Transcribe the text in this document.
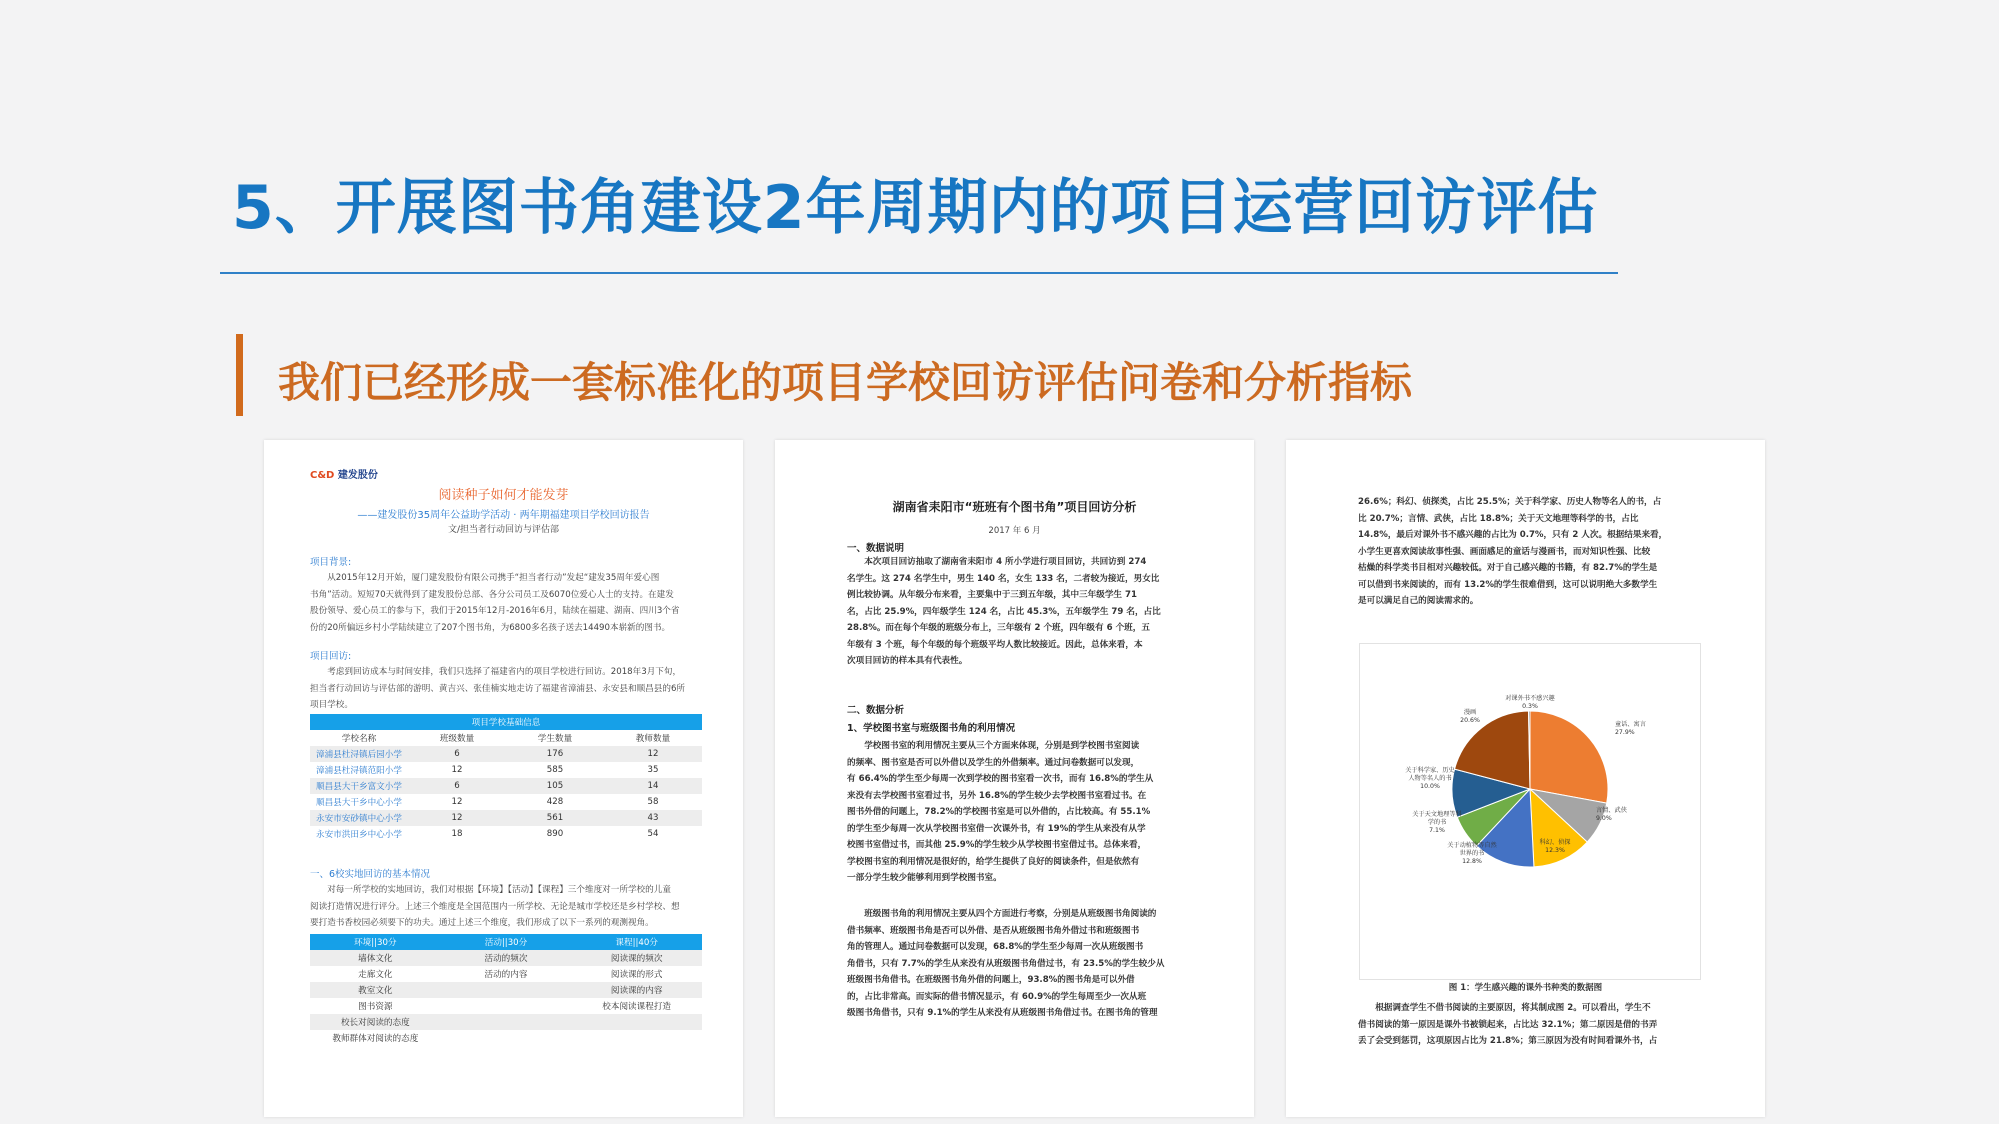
5、开展图书角建设2年周期内的项目运营回访评估
我们已经形成一套标准化的项目学校回访评估问卷和分析指标
C&D 建发股份
阅读种子如何才能发芽
——建发股份35周年公益助学活动 · 两年期福建项目学校回访报告
文/担当者行动回访与评估部
项目背景:
从2015年12月开始，厦门建发股份有限公司携手“担当者行动”发起“建发35周年爱心图
书角”活动。短短70天就得到了建发股份总部、各分公司员工及6070位爱心人士的支持。在建发
股份领导、爱心员工的参与下，我们于2015年12月-2016年6月，陆续在福建、湖南、四川3个省
份的20所偏远乡村小学陆续建立了207个图书角，为6800多名孩子送去14490本崭新的图书。
项目回访:
考虑到回访成本与时间安排，我们只选择了福建省内的项目学校进行回访。2018年3月下旬，
担当者行动回访与评估部的游明、黄吉兴、张佳楠实地走访了福建省漳浦县、永安县和顺昌县的6所
项目学校。
项目学校基础信息			
学校名称	班级数量	学生数量	教师数量
漳浦县杜浔镇后园小学	6	176	12
漳浦县杜浔镇范阳小学	12	585	35
顺昌县大干乡富文小学	6	105	14
顺昌县大干乡中心小学	12	428	58
永安市安砂镇中心小学	12	561	43
永安市洪田乡中心小学	18	890	54
一、6校实地回访的基本情况
对每一所学校的实地回访，我们对根据【环境】【活动】【课程】三个维度对一所学校的儿童
阅读打造情况进行评分。上述三个维度是全国范围内一所学校、无论是城市学校还是乡村学校、想
要打造书香校园必须要下的功夫。通过上述三个维度，我们形成了以下一系列的观测视角。
环境||30分	活动||30分	课程||40分
墙体文化	活动的频次	阅读课的频次
走廊文化	活动的内容	阅读课的形式
教室文化		阅读课的内容
图书资源		校本阅读课程打造
校长对阅读的态度		
教师群体对阅读的态度		
湖南省耒阳市“班班有个图书角”项目回访分析
2017 年 6 月
一、数据说明
本次项目回访抽取了湖南省耒阳市 4 所小学进行项目回访，共回访到 274
名学生。这 274 名学生中，男生 140 名，女生 133 名，二者较为接近，男女比
例比较协调。从年级分布来看，主要集中于三到五年级，其中三年级学生 71
名，占比 25.9%，四年级学生 124 名，占比 45.3%，五年级学生 79 名，占比
28.8%。而在每个年级的班级分布上，三年级有 2 个班，四年级有 6 个班，五
年级有 3 个班，每个年级的每个班级平均人数比较接近。因此，总体来看，本
次项目回访的样本具有代表性。
二、数据分析
1、学校图书室与班级图书角的利用情况
学校图书室的利用情况主要从三个方面来体现，分别是到学校图书室阅读
的频率、图书室是否可以外借以及学生的外借频率。通过问卷数据可以发现，
有 66.4%的学生至少每周一次到学校的图书室看一次书，而有 16.8%的学生从
来没有去学校图书室看过书，另外 16.8%的学生较少去学校图书室看过书。在
图书外借的问题上，78.2%的学校图书室是可以外借的，占比较高。有 55.1%
的学生至少每周一次从学校图书室借一次课外书，有 19%的学生从来没有从学
校图书室借过书，而其他 25.9%的学生较少从学校图书室借过书。总体来看，
学校图书室的利用情况是很好的，给学生提供了良好的阅读条件，但是依然有
一部分学生较少能够利用到学校图书室。
班级图书角的利用情况主要从四个方面进行考察，分别是从班级图书角阅读的
借书频率、班级图书角是否可以外借、是否从班级图书角外借过书和班级图书
角的管理人。通过问卷数据可以发现，68.8%的学生至少每周一次从班级图书
角借书，只有 7.7%的学生从来没有从班级图书角借过书，有 23.5%的学生较少从
班级图书角借书。在班级图书角外借的问题上，93.8%的图书角是可以外借
的，占比非常高。而实际的借书情况显示，有 60.9%的学生每周至少一次从班
级图书角借书，只有 9.1%的学生从来没有从班级图书角借过书。在图书角的管理
26.6%；科幻、侦探类，占比 25.5%；关于科学家、历史人物等名人的书，占
比 20.7%；言情、武侠，占比 18.8%；关于天文地理等科学的书，占比
14.8%，最后对课外书不感兴趣的占比为 0.7%，只有 2 人次。根据结果来看，
小学生更喜欢阅读故事性强、画面感足的童话与漫画书，而对知识性强、比较
枯燥的科学类书目相对兴趣较低。对于自己感兴趣的书籍，有 82.7%的学生是
可以借到书来阅读的，而有 13.2%的学生很难借到，这可以说明绝大多数学生
是可以满足自己的阅读需求的。
童话、寓言 27.9%
言情、武侠 9.0%
科幻、侦探 12.3%
关于动植物等自然世界的书 12.8%
关于天文地理等科学的书 7.1%
关于科学家、历史人物等名人的书 10.0%
漫画 20.6%
对课外书不感兴趣 0.3%
图 1：学生感兴趣的课外书种类的数据图
根据调查学生不借书阅读的主要原因，将其制成图 2。可以看出，学生不
借书阅读的第一原因是课外书被锁起来，占比达 32.1%；第二原因是借的书弄
丢了会受到惩罚，这项原因占比为 21.8%；第三原因为没有时间看课外书，占
